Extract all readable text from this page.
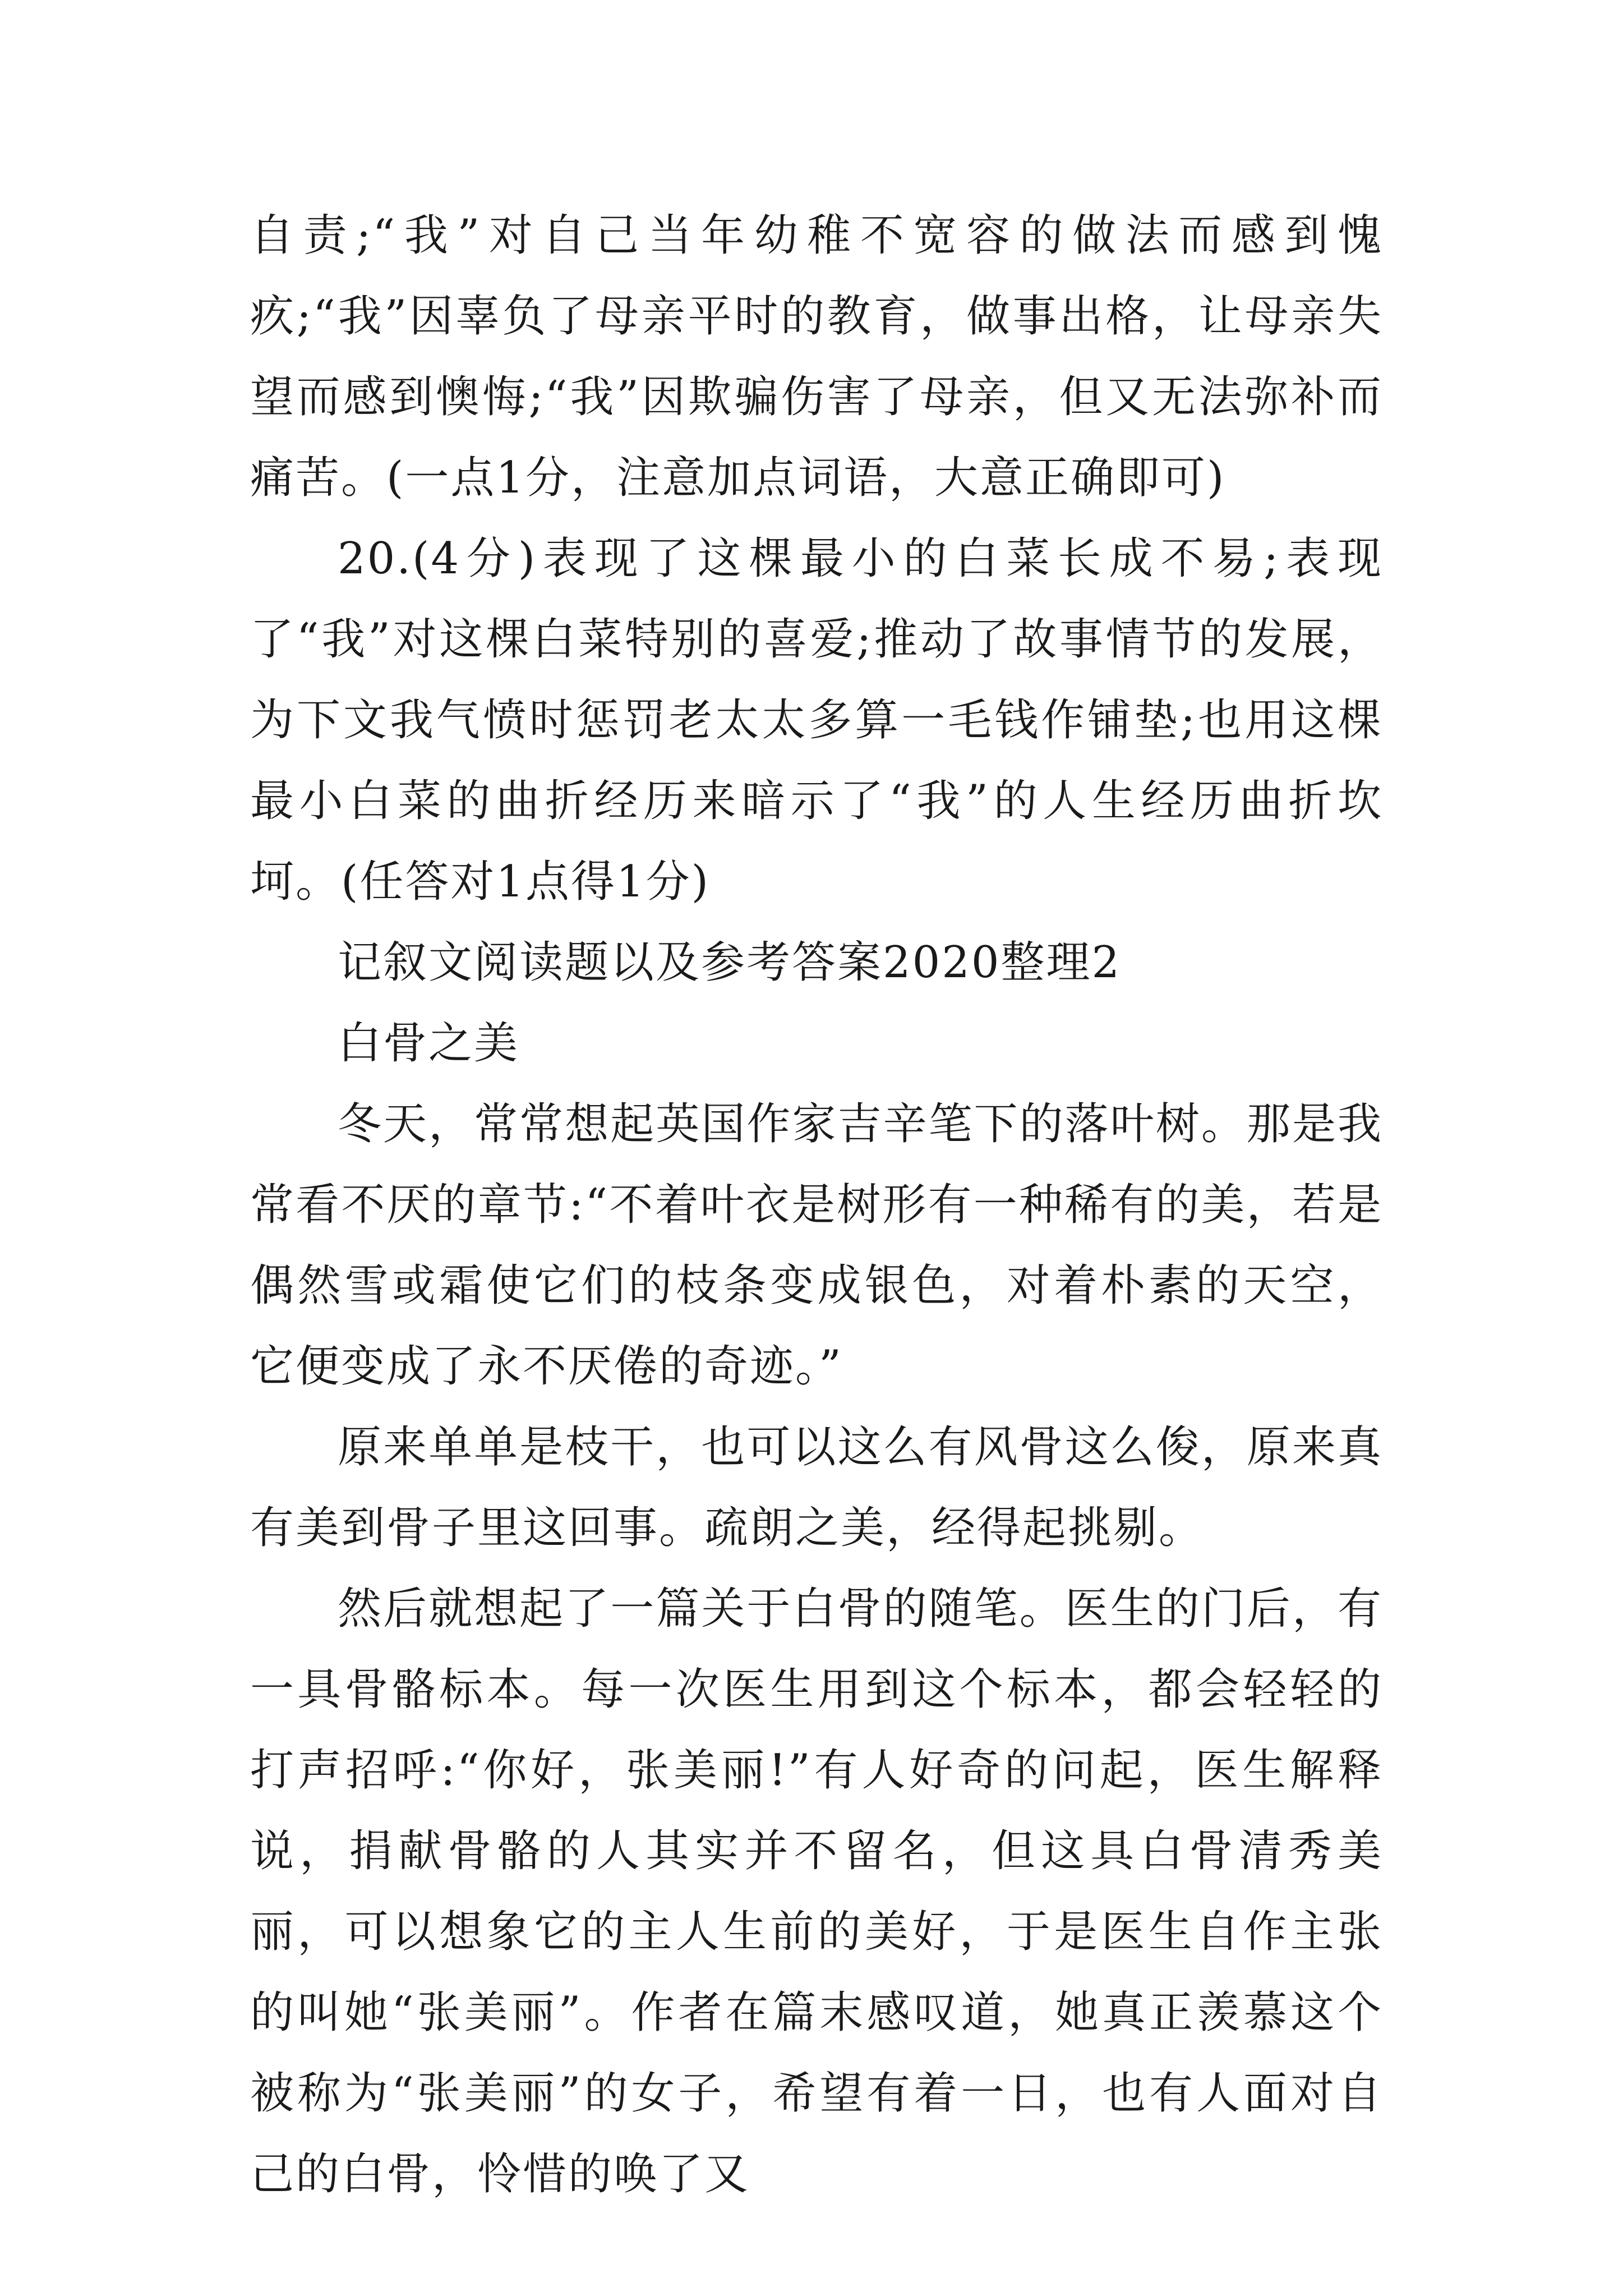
自责;“我”对自己当年幼稚不宽容的做法而感到愧疚;“我”因辜负了母亲平时的教育，做事出格，让母亲失望而感到懊悔;“我”因欺骗伤害了母亲，但又无法弥补而痛苦。(一点1分，注意加点词语，大意正确即可)

20.(4分)表现了这棵最小的白菜长成不易;表现了“我”对这棵白菜特别的喜爱;推动了故事情节的发展，为下文我气愤时惩罚老太太多算一毛钱作铺垫;也用这棵最小白菜的曲折经历来暗示了“我”的人生经历曲折坎坷。(任答对1点得1分)

记叙文阅读题以及参考答案2020整理2

白骨之美

冬天，常常想起英国作家吉辛笔下的落叶树。那是我常看不厌的章节:“不着叶衣是树形有一种稀有的美，若是偶然雪或霜使它们的枝条变成银色，对着朴素的天空，它便变成了永不厌倦的奇迹。”

原来单单是枝干，也可以这么有风骨这么俊，原来真有美到骨子里这回事。疏朗之美，经得起挑剔。

然后就想起了一篇关于白骨的随笔。医生的门后，有一具骨骼标本。每一次医生用到这个标本，都会轻轻的打声招呼:“你好，张美丽!”有人好奇的问起，医生解释说，捐献骨骼的人其实并不留名，但这具白骨清秀美丽，可以想象它的主人生前的美好，于是医生自作主张的叫她“张美丽”。作者在篇末感叹道，她真正羡慕这个被称为“张美丽”的女子，希望有着一日，也有人面对自己的白骨，怜惜的唤了又
